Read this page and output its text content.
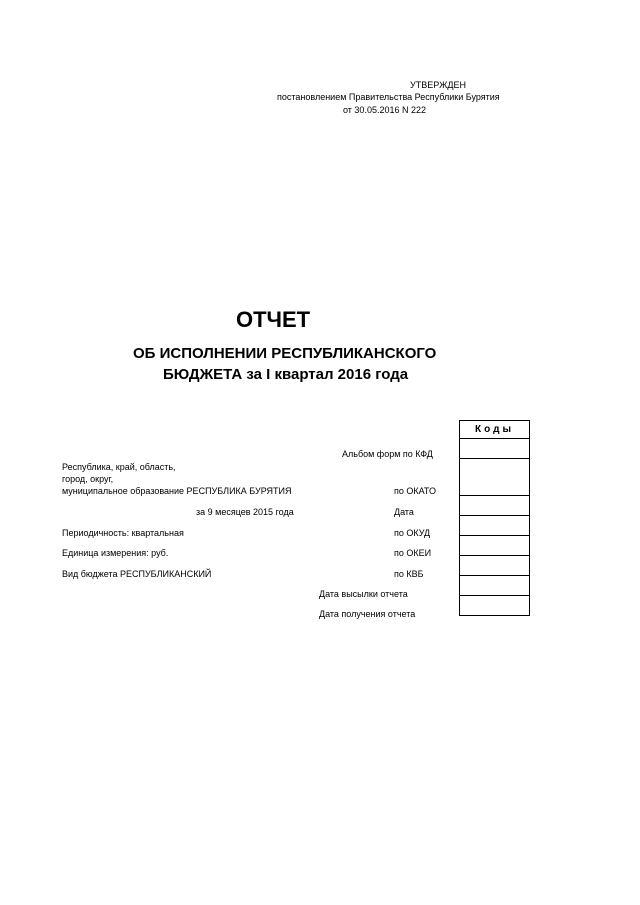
УТВЕРЖДЕН
постановлением Правительства Республики Бурятия
от 30.05.2016 N 222
ОТЧЕТ
ОБ ИСПОЛНЕНИИ РЕСПУБЛИКАНСКОГО
БЮДЖЕТА за I квартал 2016 года
Альбом форм по КФД
Республика, край, область,
город, округ,
муниципальное образование РЕСПУБЛИКА БУРЯТИЯ	по ОКАТО
за 9 месяцев 2015 года	Дата
Периодичность: квартальная	по ОКУД
Единица измерения: руб.	по ОКЕИ
Вид бюджета РЕСПУБЛИКАНСКИЙ	по КВБ
Дата высылки отчета
Дата получения отчета
Коды
